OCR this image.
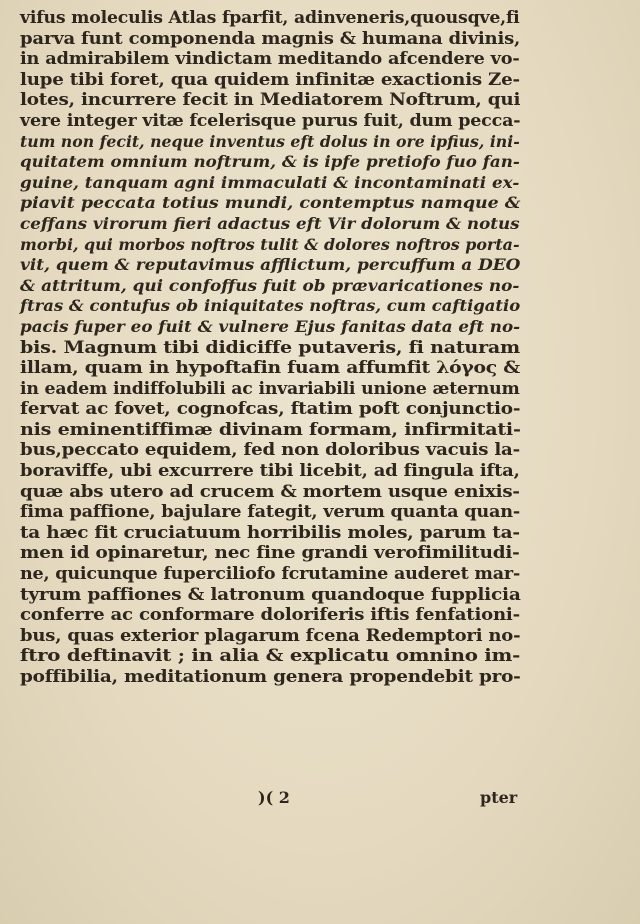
vifus moleculis Atlas fparfit, adinveneris,quousqve,fi
parva funt componenda magnis & humana divinis,
in admirabilem vindictam meditando afcendere vo-
lupe tibi foret, qua quidem infinitæ exactionis Ze-
lotes, incurrere fecit in Mediatorem Noftrum, qui
vere integer vitæ fcelerisque purus fuit, dum pecca-
tum non fecit, neque inventus eft dolus in ore ipfius, ini-
quitatem omnium noftrum, & is ipfe pretiofo fuo fan-
guine, tanquam agni immaculati & incontaminati ex-
piavit peccata totius mundi, contemptus namque &
ceffans virorum fieri adactus eft Vir dolorum & notus
morbi, qui morbos noftros tulit & dolores noftros porta-
vit, quem & reputavimus afflictum, percuffum a DEO
& attritum, qui confoffus fuit ob prævaricationes no-
ftras & contufus ob iniquitates noftras, cum caftigatio
pacis fuper eo fuit & vulnere Ejus fanitas data eft no-
bis. Magnum tibi didiciffe putaveris, fi naturam
illam, quam in hypoftafin fuam affumfit λόγος &
in eadem indiffolubili ac invariabili unione æternum
fervat ac fovet, cognofcas, ftatim poft conjunctio-
nis eminentiffimæ divinam formam, infirmitati-
bus,peccato equidem, fed non doloribus vacuis la-
boraviffe, ubi excurrere tibi licebit, ad fingula ifta,
quæ abs utero ad crucem & mortem usque enixis-
fima paffione, bajulare fategit, verum quanta quan-
ta hæc fit cruciatuum horribilis moles, parum ta-
men id opinaretur, nec fine grandi verofimilitudi-
ne, quicunque fuperciliofo fcrutamine auderet mar-
tyrum paffiones & latronum quandoque fupplicia
conferre ac conformare doloriferis iftis fenfationi-
bus, quas exterior plagarum fcena Redemptori no-
ftro deftinavit ; in alia & explicatu omnino im-
poffibilia, meditationum genera propendebit pro-
)( 2	pter
